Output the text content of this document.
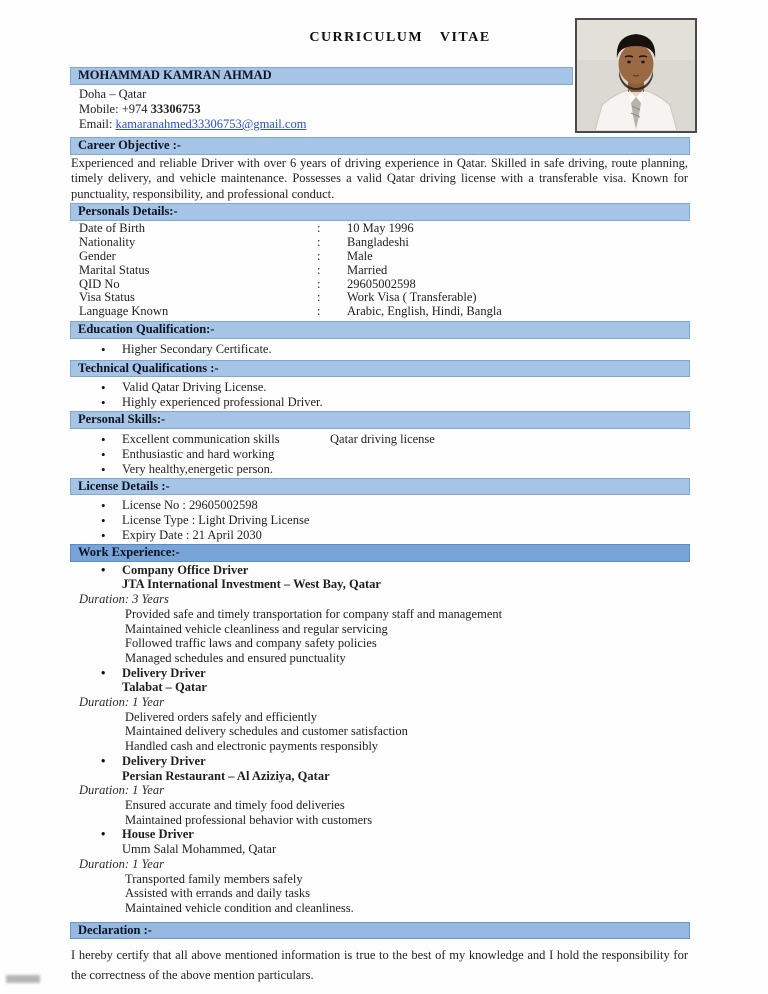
CURRICULUM VITAE
MOHAMMAD KAMRAN AHMAD
Doha – Qatar
Mobile: +974 33306753
Email: kamaranahmed33306753@gmail.com
Career Objective :-

Experienced and reliable Driver with over 6 years of driving experience in Qatar. Skilled in safe driving, route planning, timely delivery, and vehicle maintenance. Possesses a valid Qatar driving license with a transferable visa. Known for punctuality, responsibility, and professional conduct.

Personals Details:-
Date of Birth	:	10 May 1996
Nationality	:	Bangladeshi
Gender	:	Male
Marital Status	:	Married
QID No	:	29605002598
Visa Status	:	Work Visa ( Transferable)
Language Known	:	Arabic, English, Hindi, Bangla
Education Qualification:-
• Higher Secondary Certificate.
Technical Qualifications :-
• Valid Qatar Driving License.
• Highly experienced professional Driver.
Personal Skills:-
• Excellent communication skills	Qatar driving license
• Enthusiastic and hard working
• Very healthy,energetic person.
License Details :-
• License No : 29605002598
• License Type : Light Driving License
• Expiry Date : 21 April 2030
Work Experience:-
• Company Office Driver
JTA International Investment – West Bay, Qatar
Duration: 3 Years
Provided safe and timely transportation for company staff and management
Maintained vehicle cleanliness and regular servicing
Followed traffic laws and company safety policies
Managed schedules and ensured punctuality
• Delivery Driver
Talabat – Qatar
Duration: 1 Year
Delivered orders safely and efficiently
Maintained delivery schedules and customer satisfaction
Handled cash and electronic payments responsibly
• Delivery Driver
Persian Restaurant – Al Aziziya, Qatar
Duration: 1 Year
Ensured accurate and timely food deliveries
Maintained professional behavior with customers
• House Driver
Umm Salal Mohammed, Qatar
Duration: 1 Year
Transported family members safely
Assisted with errands and daily tasks
Maintained vehicle condition and cleanliness.
Declaration :-

I hereby certify that all above mentioned information is true to the best of my knowledge and I hold the responsibility for the correctness of the above mention particulars.
